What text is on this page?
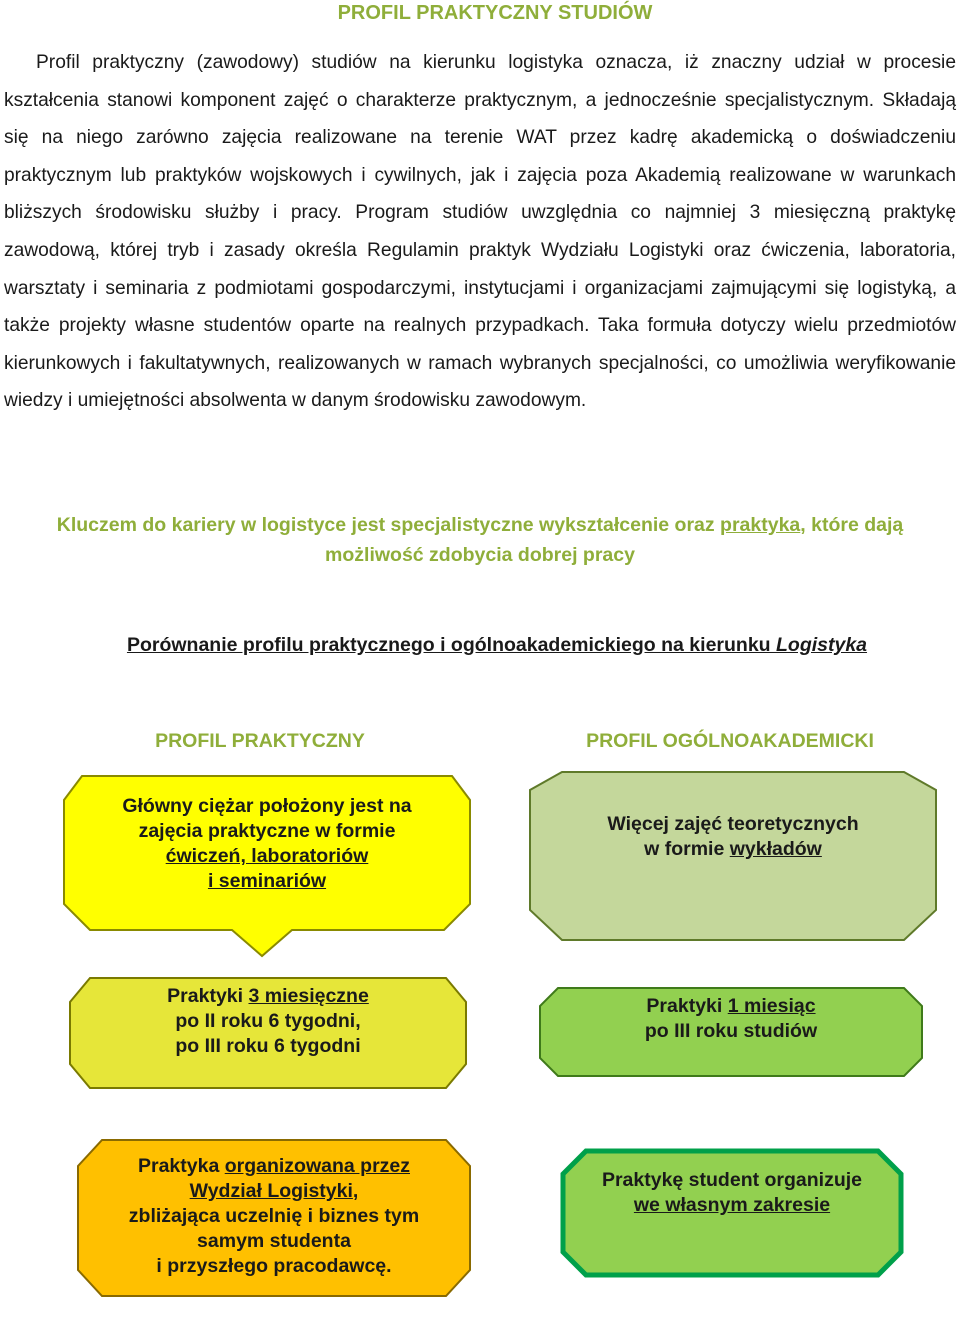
PROFIL PRAKTYCZNY STUDIÓW

Profil praktyczny (zawodowy) studiów na kierunku logistyka oznacza, iż znaczny udział w procesie kształcenia stanowi komponent zajęć o charakterze praktycznym, a jednocześnie specjalistycznym. Składają się na niego zarówno zajęcia realizowane na terenie WAT przez kadrę akademicką o doświadczeniu praktycznym lub praktyków wojskowych i cywilnych, jak i zajęcia poza Akademią realizowane w warunkach bliższych środowisku służby i pracy. Program studiów uwzględnia co najmniej 3 miesięczną praktykę zawodową, której tryb i zasady określa Regulamin praktyk Wydziału Logistyki oraz ćwiczenia, laboratoria, warsztaty i seminaria z podmiotami gospodarczymi, instytucjami i organizacjami zajmującymi się logistyką, a także projekty własne studentów oparte na realnych przypadkach. Taka formuła dotyczy wielu przedmiotów kierunkowych i fakultatywnych, realizowanych w ramach wybranych specjalności, co umożliwia weryfikowanie wiedzy i umiejętności absolwenta w danym środowisku zawodowym.

Kluczem do kariery w logistyce jest specjalistyczne wykształcenie oraz praktyka, które dają możliwość zdobycia dobrej pracy
Porównanie profilu praktycznego i ogólnoakademickiego na kierunku Logistyka
PROFIL PRAKTYCZNY	PROFIL OGÓLNOAKADEMICKI
Główny ciężar położony jest na
zajęcia praktyczne w formie
ćwiczeń, laboratoriów
i seminariów
Więcej zajęć teoretycznych
w formie wykładów
Praktyki 3 miesięczne
po II roku 6 tygodni,
po III roku 6 tygodni
Praktyki 1 miesiąc
po III roku studiów
Praktyka organizowana przez
Wydział Logistyki,
zbliżająca uczelnię i biznes tym
samym studenta
i przyszłego pracodawcę.
Praktykę student organizuje
we własnym zakresie
